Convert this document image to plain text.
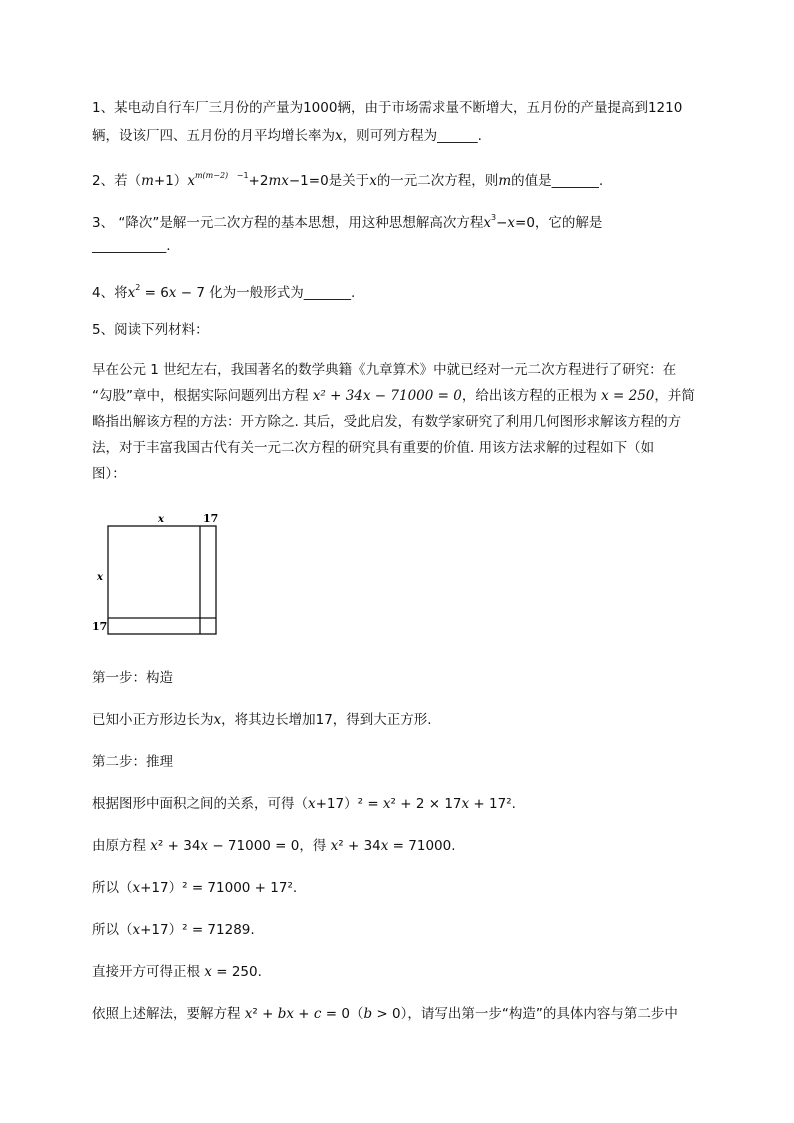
1、某电动自行车厂三月份的产量为1000辆，由于市场需求量不断增大，五月份的产量提高到1210
辆，设该厂四、五月份的月平均增长率为x，则可列方程为______.
2、若$(m+1)x^{m(m-2)}$ $^{-1}$+2mx−1=0是关于x的一元二次方程，则m的值是_______.
3、 “降次”是解一元二次方程的基本思想，用这种思想解高次方程$x^3-x=0$，它的解是
___________.
4、将$x^2 = 6x - 7$ 化为一般形式为_______.
5、阅读下列材料：
早在公元 1 世纪左右，我国著名的数学典籍《九章算术》中就已经对一元二次方程进行了研究：在
“勾股”章中，根据实际问题列出方程 x² + 34x − 71000 = 0，给出该方程的正根为 x = 250，并简
略指出解该方程的方法：开方除之. 其后，受此启发，有数学家研究了利用几何图形求解该方程的方
法，对于丰富我国古代有关一元二次方程的研究具有重要的价值. 用该方法求解的过程如下（如
图）：
x	17
x
17
第一步：构造
已知小正方形边长为x，将其边长增加17，得到大正方形.
第二步：推理
根据图形中面积之间的关系，可得（x+17）² = x² + 2 × 17x + 17².
由原方程 x² + 34x − 71000 = 0，得 x² + 34x = 71000.
所以（x+17）² = 71000 + 17².
所以（x+17）² = 71289.
直接开方可得正根 x = 250.
依照上述解法，要解方程 x² + bx + c = 0（b > 0），请写出第一步“构造”的具体内容与第二步中
